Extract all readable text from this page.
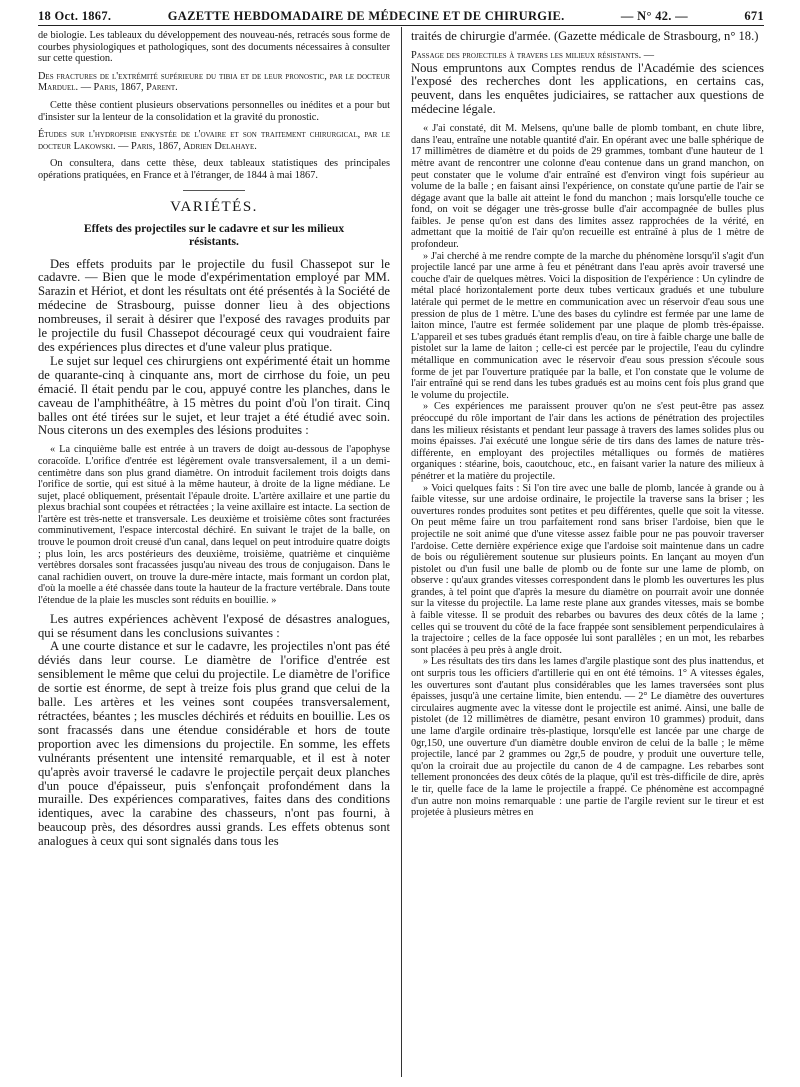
18 Oct. 1867.	GAZETTE HEBDOMADAIRE DE MÉDECINE ET DE CHIRURGIE.	— N° 42. —	671

de biologie. Les tableaux du développement des nouveau-nés, retracés sous forme de courbes physiologiques et pathologiques, sont des documents nécessaires à consulter sur cette question.

Des fractures de l'extrémité supérieure du tibia et de leur pronostic, par le docteur Marduel. — Paris, 1867, Parent.

Cette thèse contient plusieurs observations personnelles ou inédites et a pour but d'insister sur la lenteur de la consolidation et la gravité du pronostic.

Études sur l'hydropisie enkystée de l'ovaire et son traitement chirurgical, par le docteur Lakowski. — Paris, 1867, Adrien Delahaye.

On consultera, dans cette thèse, deux tableaux statistiques des principales opérations pratiquées, en France et à l'étranger, de 1844 à mai 1867.

VARIÉTÉS.
Effets des projectiles sur le cadavre et sur les milieux résistants.

Des effets produits par le projectile du fusil Chassepot sur le cadavre. — Bien que le mode d'expérimentation employé par MM. Sarazin et Hériot, et dont les résultats ont été présentés à la Société de médecine de Strasbourg, puisse donner lieu à des objections nombreuses, il serait à désirer que l'exposé des ravages produits par le projectile du fusil Chassepot découragé ceux qui voudraient faire des expériences plus directes et d'une valeur plus pratique.

Le sujet sur lequel ces chirurgiens ont expérimenté était un homme de quarante-cinq à cinquante ans, mort de cirrhose du foie, un peu émacié. Il était pendu par le cou, appuyé contre les planches, dans le caveau de l'amphithéâtre, à 15 mètres du point d'où l'on tirait. Cinq balles ont été tirées sur le sujet, et leur trajet a été étudié avec soin. Nous citerons un des exemples des lésions produites :

« La cinquième balle est entrée à un travers de doigt au-dessous de l'apophyse coracoïde. L'orifice d'entrée est légèrement ovale transversalement, il a un demi-centimètre dans son plus grand diamètre. On introduit facilement trois doigts dans l'orifice de sortie, qui est situé à la même hauteur, à droite de la ligne médiane. Le sujet, placé obliquement, présentait l'épaule droite. L'artère axillaire et une partie du plexus brachial sont coupées et rétractées ; la veine axillaire est intacte. La section de l'artère est très-nette et transversale. Les deuxième et troisième côtes sont fracturées comminutivement, l'espace intercostal déchiré. En suivant le trajet de la balle, on trouve le poumon droit creusé d'un canal, dans lequel on peut introduire quatre doigts ; plus loin, les arcs postérieurs des deuxième, troisième, quatrième et cinquième vertèbres dorsales sont fracassées jusqu'au niveau des trous de conjugaison. Dans le canal rachidien ouvert, on trouve la dure-mère intacte, mais formant un cordon plat, d'où la moelle a été chassée dans toute la hauteur de la fracture vertébrale. Dans toute l'étendue de la plaie les muscles sont réduits en bouillie. »

Les autres expériences achèvent l'exposé de désastres analogues, qui se résument dans les conclusions suivantes :

A une courte distance et sur le cadavre, les projectiles n'ont pas été déviés dans leur course. Le diamètre de l'orifice d'entrée est sensiblement le même que celui du projectile. Le diamètre de l'orifice de sortie est énorme, de sept à treize fois plus grand que celui de la balle. Les artères et les veines sont coupées transversalement, rétractées, béantes ; les muscles déchirés et réduits en bouillie. Les os sont fracassés dans une étendue considérable et hors de toute proportion avec les dimensions du projectile. En somme, les effets vulnérants présentent une intensité remarquable, et il est à noter qu'après avoir traversé le cadavre le projectile perçait deux planches d'un pouce d'épaisseur, puis s'enfonçait profondément dans la muraille. Des expériences comparatives, faites dans des conditions identiques, avec la carabine des chasseurs, n'ont pas fourni, à beaucoup près, des désordres aussi grands. Les effets obtenus sont analogues à ceux qui sont signalés dans tous les

traités de chirurgie d'armée. (Gazette médicale de Strasbourg, n° 18.)

Passage des projectiles à travers les milieux résistants. —

Nous empruntons aux Comptes rendus de l'Académie des sciences l'exposé des recherches dont les applications, en certains cas, peuvent, dans les enquêtes judiciaires, se rattacher aux questions de médecine légale.

« J'ai constaté, dit M. Melsens, qu'une balle de plomb tombant, en chute libre, dans l'eau, entraîne une notable quantité d'air. En opérant avec une balle sphérique de 17 millimètres de diamètre et du poids de 29 grammes, tombant d'une hauteur de 1 mètre avant de rencontrer une colonne d'eau contenue dans un grand manchon, on peut constater que le volume d'air entraîné est d'environ vingt fois supérieur au volume de la balle ; en faisant ainsi l'expérience, on constate qu'une partie de l'air se dégage avant que la balle ait atteint le fond du manchon ; mais lorsqu'elle touche ce fond, on voit se dégager une très-grosse bulle d'air accompagnée de bulles plus faibles. Je pense qu'on est dans des limites assez rapprochées de la vérité, en admettant que la moitié de l'air qu'on recueille est entraîné à plus de 1 mètre de profondeur.

» J'ai cherché à me rendre compte de la marche du phénomène lorsqu'il s'agit d'un projectile lancé par une arme à feu et pénétrant dans l'eau après avoir traversé une couche d'air de quelques mètres. Voici la disposition de l'expérience : Un cylindre de métal placé horizontalement porte deux tubes verticaux gradués et une tubulure latérale qui permet de le mettre en communication avec un réservoir d'eau sous une pression de plus de 1 mètre. L'une des bases du cylindre est fermée par une lame de laiton mince, l'autre est fermée solidement par une plaque de plomb très-épaisse. L'appareil et ses tubes gradués étant remplis d'eau, on tire à faible charge une balle de pistolet sur la lame de laiton ; celle-ci est percée par le projectile, l'eau du cylindre métallique en communication avec le réservoir d'eau sous pression s'écoule sous forme de jet par l'ouverture pratiquée par la balle, et l'on constate que le volume de l'air entraîné qui se rend dans les tubes gradués est au moins cent fois plus grand que le volume du projectile.

» Ces expériences me paraissent prouver qu'on ne s'est peut-être pas assez préoccupé du rôle important de l'air dans les actions de pénétration des projectiles dans les milieux résistants et pendant leur passage à travers des lames solides plus ou moins épaisses. J'ai exécuté une longue série de tirs dans des lames de nature très-différente, en employant des projectiles métalliques ou formés de matières organiques : stéarine, bois, caoutchouc, etc., en faisant varier la nature des milieux à pénétrer et la matière du projectile.

» Voici quelques faits : Si l'on tire avec une balle de plomb, lancée à grande ou à faible vitesse, sur une ardoise ordinaire, le projectile la traverse sans la briser ; les ouvertures rondes produites sont petites et peu différentes, quelle que soit la vitesse. On peut même faire un trou parfaitement rond sans briser l'ardoise, bien que le projectile ne soit animé que d'une vitesse assez faible pour ne pas pouvoir traverser l'ardoise. Cette dernière expérience exige que l'ardoise soit maintenue dans un cadre de bois ou régulièrement soutenue sur plusieurs points. En lançant au moyen d'un pistolet ou d'un fusil une balle de plomb ou de fonte sur une lame de plomb, on observe : qu'aux grandes vitesses correspondent dans le plomb les ouvertures les plus grandes, à tel point que d'après la mesure du diamètre on pourrait avoir une donnée sur la vitesse du projectile. La lame reste plane aux grandes vitesses, mais se bombe à faible vitesse. Il se produit des rebarbes ou bavures des deux côtés de la lame ; celles qui se trouvent du côté de la face frappée sont sensiblement perpendiculaires à la trajectoire ; celles de la face opposée lui sont parallèles ; en un mot, les rebarbes sont placées à peu près à angle droit.

» Les résultats des tirs dans les lames d'argile plastique sont des plus inattendus, et ont surpris tous les officiers d'artillerie qui en ont été témoins. 1° A vitesses égales, les ouvertures sont d'autant plus considérables que les lames traversées sont plus épaisses, jusqu'à une certaine limite, bien entendu. — 2° Le diamètre des ouvertures circulaires augmente avec la vitesse dont le projectile est animé. Ainsi, une balle de pistolet (de 12 millimètres de diamètre, pesant environ 10 grammes) produit, dans une lame d'argile ordinaire très-plastique, lorsqu'elle est lancée par une charge de 0gr,150, une ouverture d'un diamètre double environ de celui de la balle ; le même projectile, lancé par 2 grammes ou 2gr,5 de poudre, y produit une ouverture telle, qu'on la croirait due au projectile du canon de 4 de campagne. Les rebarbes sont tellement prononcées des deux côtés de la plaque, qu'il est très-difficile de dire, après le tir, quelle face de la lame le projectile a frappé. Ce phénomène est accompagné d'un autre non moins remarquable : une partie de l'argile revient sur le tireur et est projetée à plusieurs mètres en
